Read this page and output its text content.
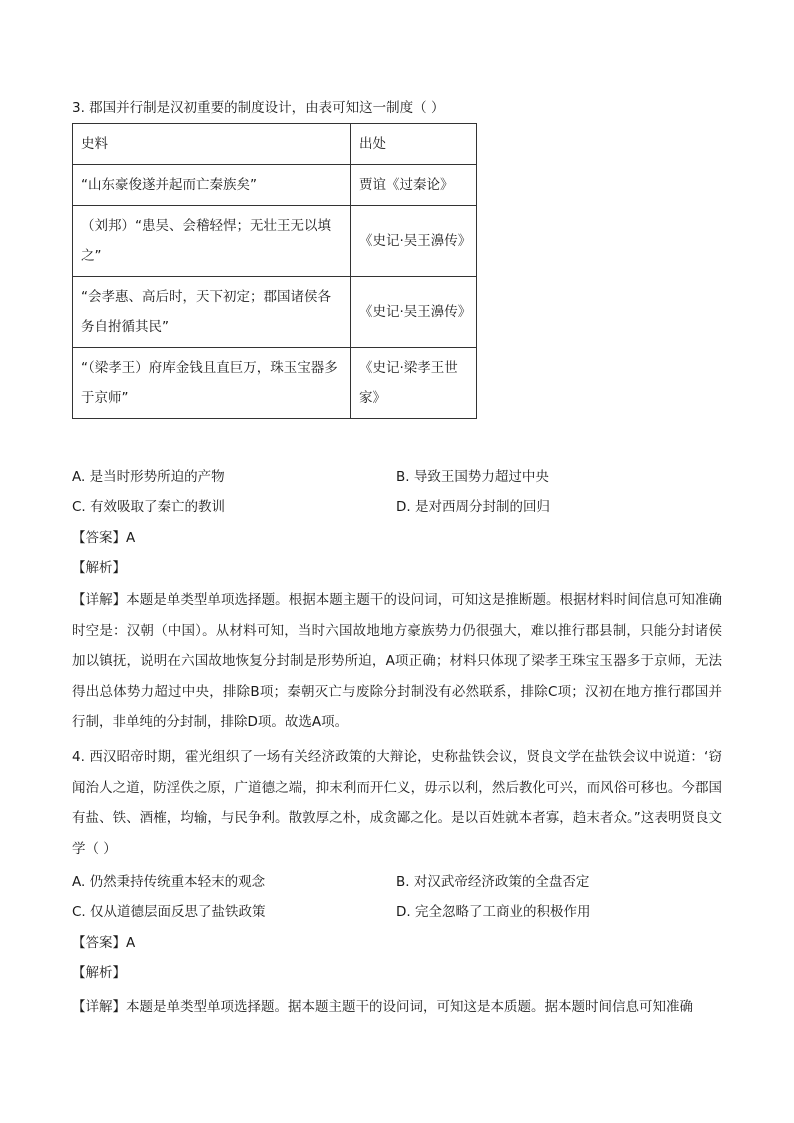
3. 郡国并行制是汉初重要的制度设计，由表可知这一制度（ ）
史料	出处
“山东豪俊遂并起而亡秦族矣”	贾谊《过秦论》
（刘邦）“患吴、会稽轻悍；无壮王无以填之”	《史记·吴王濞传》
“会孝惠、高后时，天下初定；郡国诸侯各务自拊循其民”	《史记·吴王濞传》
“（梁孝王）府库金钱且直巨万，珠玉宝器多于京师”	《史记·梁孝王世家》
A. 是当时形势所迫的产物	B. 导致王国势力超过中央
C. 有效吸取了秦亡的教训	D. 是对西周分封制的回归
【答案】A
【解析】
【详解】本题是单类型单项选择题。根据本题主题干的设问词，可知这是推断题。根据材料时间信息可知准确时空是：汉朝（中国）。从材料可知，当时六国故地地方豪族势力仍很强大，难以推行郡县制，只能分封诸侯加以镇抚，说明在六国故地恢复分封制是形势所迫，A项正确；材料只体现了梁孝王珠宝玉器多于京师，无法得出总体势力超过中央，排除B项；秦朝灭亡与废除分封制没有必然联系，排除C项；汉初在地方推行郡国并行制，非单纯的分封制，排除D项。故选A项。
4. 西汉昭帝时期，霍光组织了一场有关经济政策的大辩论，史称盐铁会议，贤良文学在盐铁会议中说道：‘窃闻治人之道，防淫佚之原，广道德之端，抑末利而开仁义，毋示以利，然后教化可兴，而风俗可移也。今郡国有盐、铁、酒榷，均输，与民争利。散敦厚之朴，成贪鄙之化。是以百姓就本者寡，趋末者众。”这表明贤良文学（ ）
A. 仍然秉持传统重本轻末的观念	B. 对汉武帝经济政策的全盘否定
C. 仅从道德层面反思了盐铁政策	D. 完全忽略了工商业的积极作用
【答案】A
【解析】
【详解】本题是单类型单项选择题。据本题主题干的设问词，可知这是本质题。据本题时间信息可知准确
